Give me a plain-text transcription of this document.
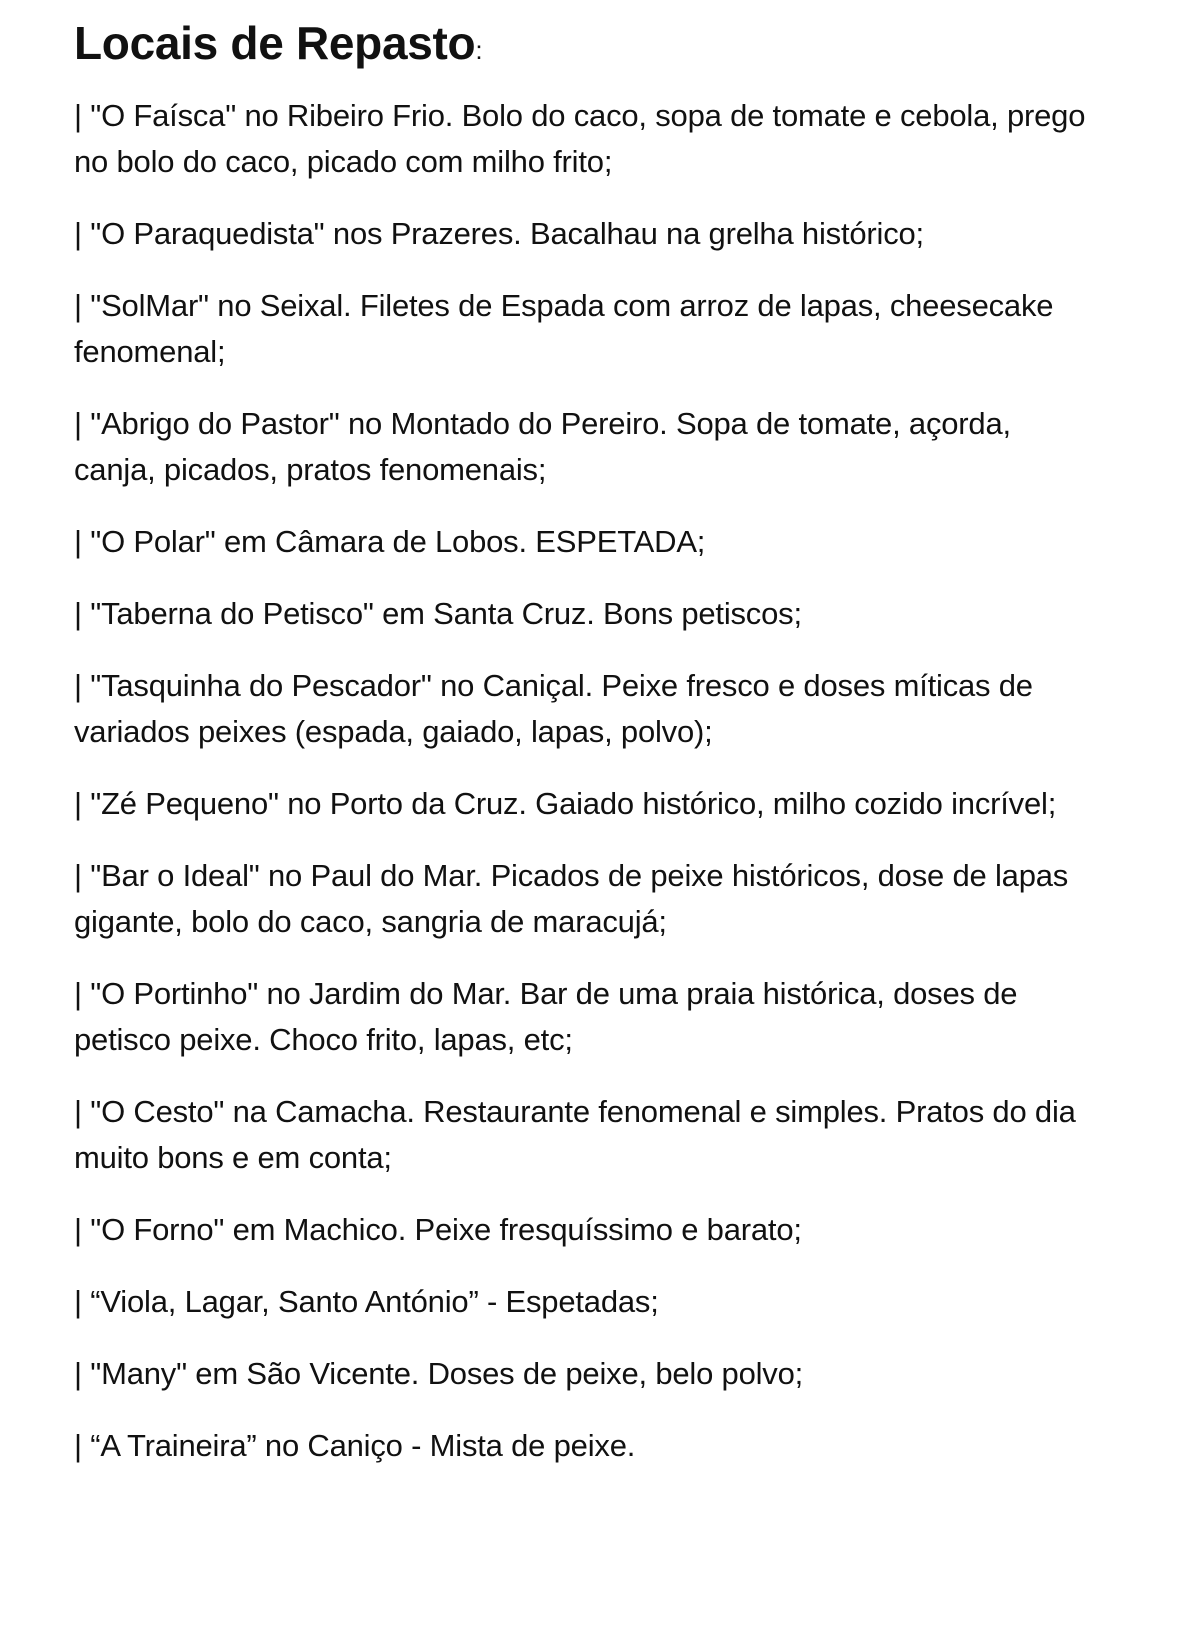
Locais de Repasto:
| "O Faísca" no Ribeiro Frio. Bolo do caco, sopa de tomate e cebola, prego no bolo do caco, picado com milho frito;
| "O Paraquedista" nos Prazeres. Bacalhau na grelha histórico;
| "SolMar" no Seixal. Filetes de Espada com arroz de lapas, cheesecake fenomenal;
| "Abrigo do Pastor" no Montado do Pereiro. Sopa de tomate, açorda, canja, picados, pratos fenomenais;
| "O Polar" em Câmara de Lobos. ESPETADA;
| "Taberna do Petisco" em Santa Cruz. Bons petiscos;
| "Tasquinha do Pescador" no Caniçal. Peixe fresco e doses míticas de variados peixes (espada, gaiado, lapas, polvo);
| "Zé Pequeno" no Porto da Cruz. Gaiado histórico, milho cozido incrível;
| "Bar o Ideal" no Paul do Mar. Picados de peixe históricos, dose de lapas gigante, bolo do caco, sangria de maracujá;
| "O Portinho" no Jardim do Mar. Bar de uma praia histórica, doses de petisco peixe. Choco frito, lapas, etc;
| "O Cesto" na Camacha. Restaurante fenomenal e simples. Pratos do dia muito bons e em conta;
| "O Forno" em Machico. Peixe fresquíssimo e barato;
| “Viola, Lagar, Santo António” - Espetadas;
| "Many" em São Vicente. Doses de peixe, belo polvo;
| “A Traineira” no Caniço - Mista de peixe.
